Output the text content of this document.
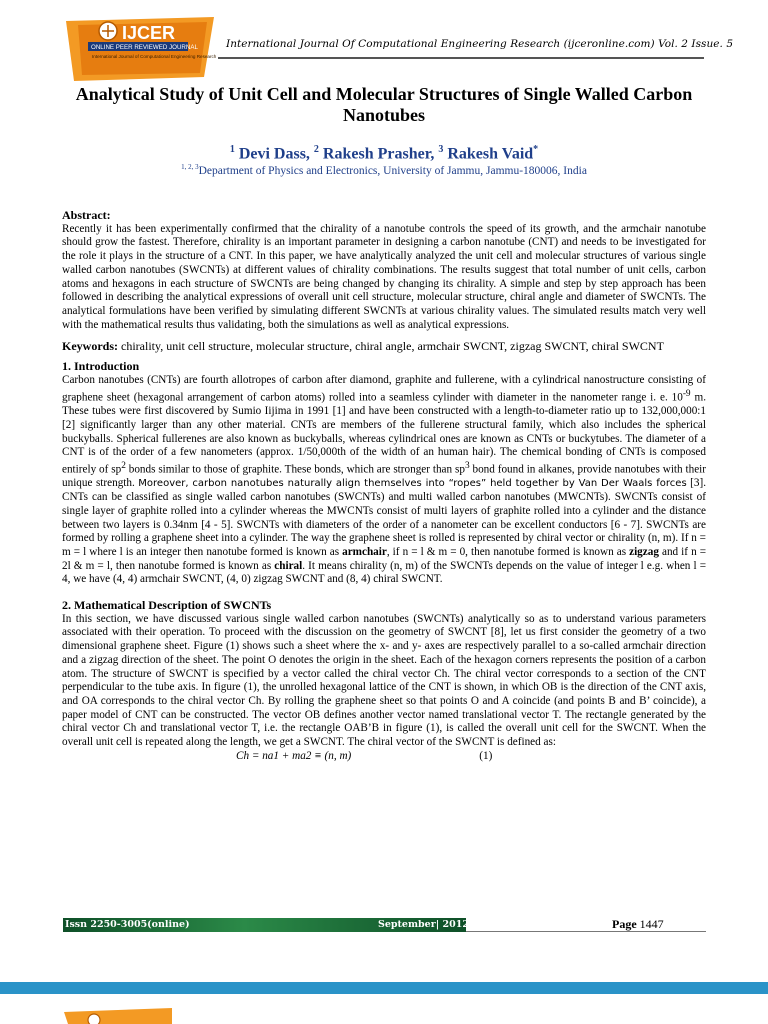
IJCER
ONLINE PEER REVIEWED JOURNAL
International Journal of Computational Engineering Research
International Journal Of Computational Engineering Research (ijceronline.com) Vol. 2 Issue. 5
Analytical Study of Unit Cell and Molecular Structures of Single Walled Carbon Nanotubes
$^1$ Devi Dass, $^2$ Rakesh Prasher, $^3$ Rakesh Vaid*
$^{1, 2, 3}$Department of Physics and Electronics, University of Jammu, Jammu-180006, India

Abstract:

Recently it has been experimentally confirmed that the chirality of a nanotube controls the speed of its growth, and the armchair nanotube should grow the fastest. Therefore, chirality is an important parameter in designing a carbon nanotube (CNT) and needs to be investigated for the role it plays in the structure of a CNT. In this paper, we have analytically analyzed the unit cell and molecular structures of various single walled carbon nanotubes (SWCNTs) at different values of chirality combinations. The results suggest that total number of unit cells, carbon atoms and hexagons in each structure of SWCNTs are being changed by changing its chirality. A simple and step by step approach has been followed in describing the analytical expressions of overall unit cell structure, molecular structure, chiral angle and diameter of SWCNTs. The analytical formulations have been verified by simulating different SWCNTs at various chirality values. The simulated results match very well with the mathematical results thus validating, both the simulations as well as analytical expressions.

Keywords: chirality, unit cell structure, molecular structure, chiral angle, armchair SWCNT, zigzag SWCNT, chiral SWCNT

1. Introduction

Carbon nanotubes (CNTs) are fourth allotropes of carbon after diamond, graphite and fullerene, with a cylindrical nanostructure consisting of graphene sheet (hexagonal arrangement of carbon atoms) rolled into a seamless cylinder with diameter in the nanometer range i. e. $10^{-9}$ m. These tubes were first discovered by Sumio Iijima in 1991 [1] and have been constructed with a length-to-diameter ratio up to 132,000,000:1 [2] significantly larger than any other material. CNTs are members of the fullerene structural family, which also includes the spherical buckyballs. Spherical fullerenes are also known as buckyballs, whereas cylindrical ones are known as CNTs or buckytubes. The diameter of a CNT is of the order of a few nanometers (approx. 1/50,000th of the width of an human hair). The chemical bonding of CNTs is composed entirely of $sp^2$ bonds similar to those of graphite. These bonds, which are stronger than $sp^3$ bond found in alkanes, provide nanotubes with their unique strength. Moreover, carbon nanotubes naturally align themselves into “ropes” held together by Van Der Waals forces [3]. CNTs can be classified as single walled carbon nanotubes (SWCNTs) and multi walled carbon nanotubes (MWCNTs). SWCNTs consist of single layer of graphite rolled into a cylinder whereas the MWCNTs consist of multi layers of graphite rolled into a cylinder and the distance between two layers is 0.34nm [4 - 5]. SWCNTs with diameters of the order of a nanometer can be excellent conductors [6 - 7]. SWCNTs are formed by rolling a graphene sheet into a cylinder. The way the graphene sheet is rolled is represented by chiral vector or chirality (n, m). If n = m = l where l is an integer then nanotube formed is known as armchair, if n = l & m = 0, then nanotube formed is known as zigzag and if n = 2l & m = l, then nanotube formed is known as chiral. It means chirality (n, m) of the SWCNTs depends on the value of integer l e.g. when l = 4, we have (4, 4) armchair SWCNT, (4, 0) zigzag SWCNT and (8, 4) chiral SWCNT.

2. Mathematical Description of SWCNTs

In this section, we have discussed various single walled carbon nanotubes (SWCNTs) analytically so as to understand various parameters associated with their operation. To proceed with the discussion on the geometry of SWCNT [8], let us first consider the geometry of a two dimensional graphene sheet. Figure (1) shows such a sheet where the x- and y- axes are respectively parallel to a so-called armchair direction and a zigzag direction of the sheet. The point O denotes the origin in the sheet. Each of the hexagon corners represents the position of a carbon atom. The structure of SWCNT is specified by a vector called the chiral vector Ch. The chiral vector corresponds to a section of the CNT perpendicular to the tube axis. In figure (1), the unrolled hexagonal lattice of the CNT is shown, in which OB is the direction of the CNT axis, and OA corresponds to the chiral vector Ch. By rolling the graphene sheet so that points O and A coincide (and points B and B’ coincide), a paper model of CNT can be constructed. The vector OB defines another vector named translational vector T. The rectangle generated by the chiral vector Ch and translational vector T, i.e. the rectangle OAB’B in figure (1), is called the overall unit cell for the SWCNT. When the overall unit cell is repeated along the length, we get a SWCNT. The chiral vector of the SWCNT is defined as:

Ch = na1 + ma2 ≡ (n, m)	(1)

Issn 2250-3005(online)	September| 2012	Page 1447
